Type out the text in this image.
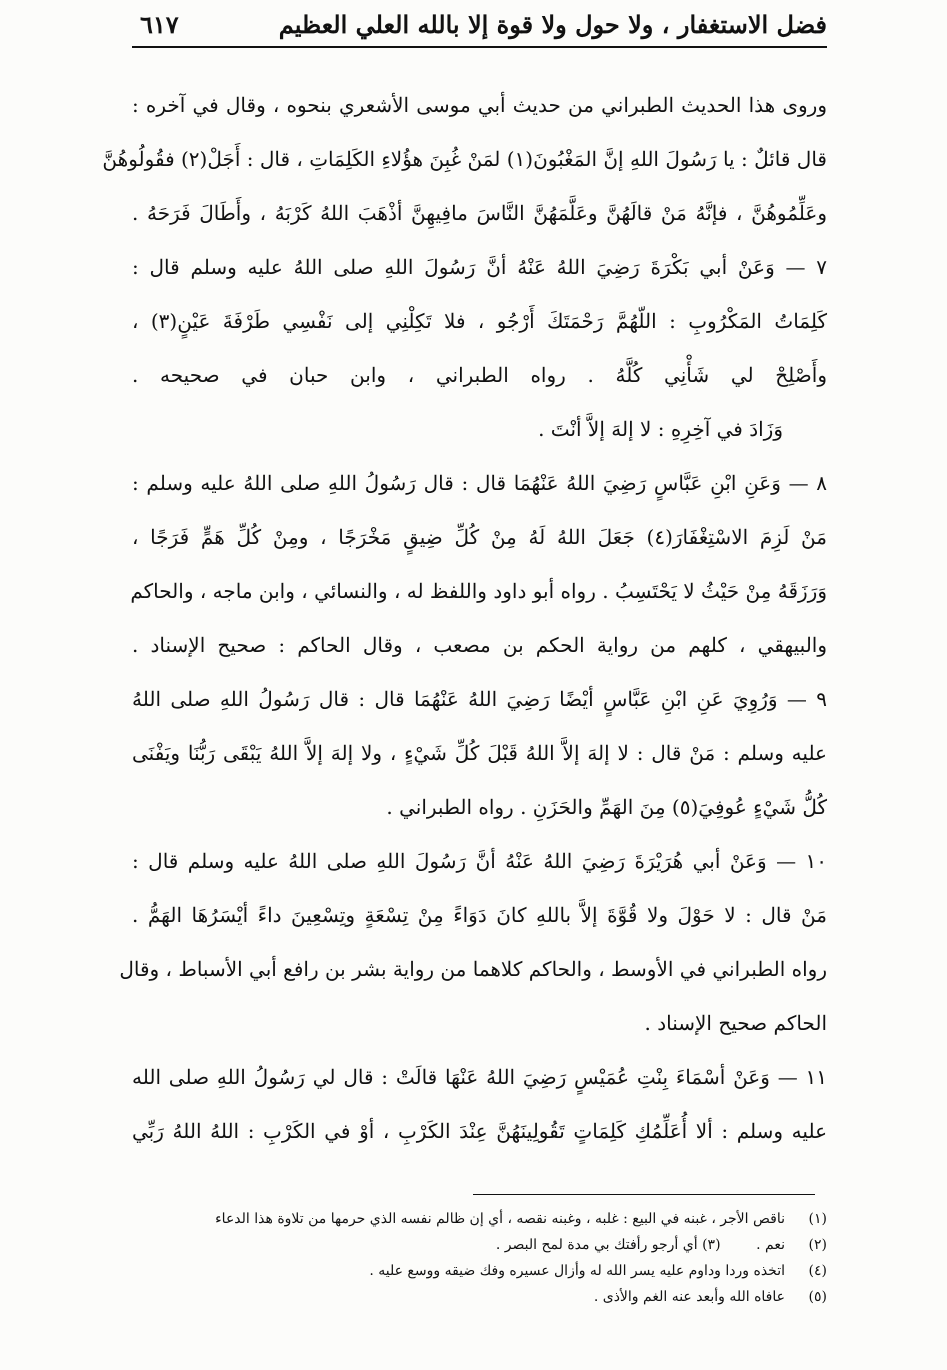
فضل الاستغفار ، ولا حول ولا قوة إلا بالله العلي العظيم
٦١٧
وروى هذا الحديث الطبراني من حديث أبي موسى الأشعري بنحوه ، وقال في آخره :
قال قائلٌ : يا رَسُولَ اللهِ إنَّ المَغْبُونَ(١) لمَنْ غُبِنَ هؤُلاءِ الكَلِمَاتِ ، قال : أَجَلْ(٢) فقُولُوهُنَّ
وعَلِّمُوهُنَّ ، فإنَّهُ مَنْ قالَهُنَّ وعَلَّمَهُنَّ النَّاسَ مافِيهِنَّ أذْهَبَ اللهُ كَرْبَهُ ، وأَطَالَ فَرَحَهُ .
٧ — وَعَنْ أبي بَكْرَةَ رَضِيَ اللهُ عَنْهُ أنَّ رَسُولَ اللهِ صلى اللهُ عليه وسلم قال :
كَلِمَاتُ المَكْرُوبِ : اللّهُمَّ رَحْمَتَكَ أَرْجُو ، فلا تَكِلْنِي إلى نَفْسِي طَرْفَةَ عَيْنٍ(٣) ،
وأَصْلِحْ لي شَأْنِي كُلَّهُ . رواه الطبراني ، وابن حبان في صحيحه .
وَزَادَ في آخِرِهِ : لا إلهَ إلاَّ أنْتَ .
٨ — وَعَنِ ابْنِ عَبَّاسٍ رَضِيَ اللهُ عَنْهُمَا قال : قال رَسُولُ اللهِ صلى اللهُ عليه وسلم :
مَنْ لَزِمَ الاسْتِغْفَارَ(٤) جَعَلَ اللهُ لَهُ مِنْ كُلِّ ضِيقٍ مَخْرَجًا ، ومِنْ كُلِّ هَمٍّ فَرَجًا ،
وَرَزَقَهُ مِنْ حَيْثُ لا يَحْتَسِبُ . رواه أبو داود واللفظ له ، والنسائي ، وابن ماجه ، والحاكم
والبيهقي ، كلهم من رواية الحكم بن مصعب ، وقال الحاكم : صحيح الإسناد .
٩ — وَرُوِيَ عَنِ ابْنِ عَبَّاسٍ أيْضًا رَضِيَ اللهُ عَنْهُمَا قال : قال رَسُولُ اللهِ صلى اللهُ
عليه وسلم : مَنْ قال : لا إلهَ إلاَّ اللهُ قَبْلَ كُلِّ شَيْءٍ ، ولا إلهَ إلاَّ اللهُ يَبْقَى رَبُّنَا ويَفْنَى
كُلُّ شَيْءٍ عُوفِيَ(٥) مِنَ الهَمِّ والحَزَنِ . رواه الطبراني .
١٠ — وَعَنْ أبي هُرَيْرَةَ رَضِيَ اللهُ عَنْهُ أنَّ رَسُولَ اللهِ صلى اللهُ عليه وسلم قال :
مَنْ قال : لا حَوْلَ ولا قُوَّةَ إلاَّ باللهِ كانَ دَوَاءً مِنْ تِسْعَةٍ وتِسْعِينَ داءً أيْسَرُهَا الهَمُّ .
رواه الطبراني في الأوسط ، والحاكم كلاهما من رواية بشر بن رافع أبي الأسباط ، وقال
الحاكم صحيح الإسناد .
١١ — وَعَنْ أسْمَاءَ بِنْتِ عُمَيْسٍ رَضِيَ اللهُ عَنْهَا قالَتْ : قال لي رَسُولُ اللهِ صلى الله
عليه وسلم : ألا أُعَلِّمُكِ كَلِمَاتٍ تَقُولِينَهُنَّ عِنْدَ الكَرْبِ ، أوْ في الكَرْبِ : اللهُ اللهُ رَبِّي
(١)ناقص الأجر ، غبنه في البيع : غلبه ، وغبنه نقصه ، أي إن ظالم نفسه الذي حرمها من تلاوة هذا الدعاء
(٢)نعم .        (٣) أي أرجو رأفتك بي مدة لمح البصر .
(٤)اتخذه وردا وداوم عليه يسر الله له وأزال عسيره وفك ضيقه ووسع عليه .
(٥)عافاه الله وأبعد عنه الغم والأذى .
